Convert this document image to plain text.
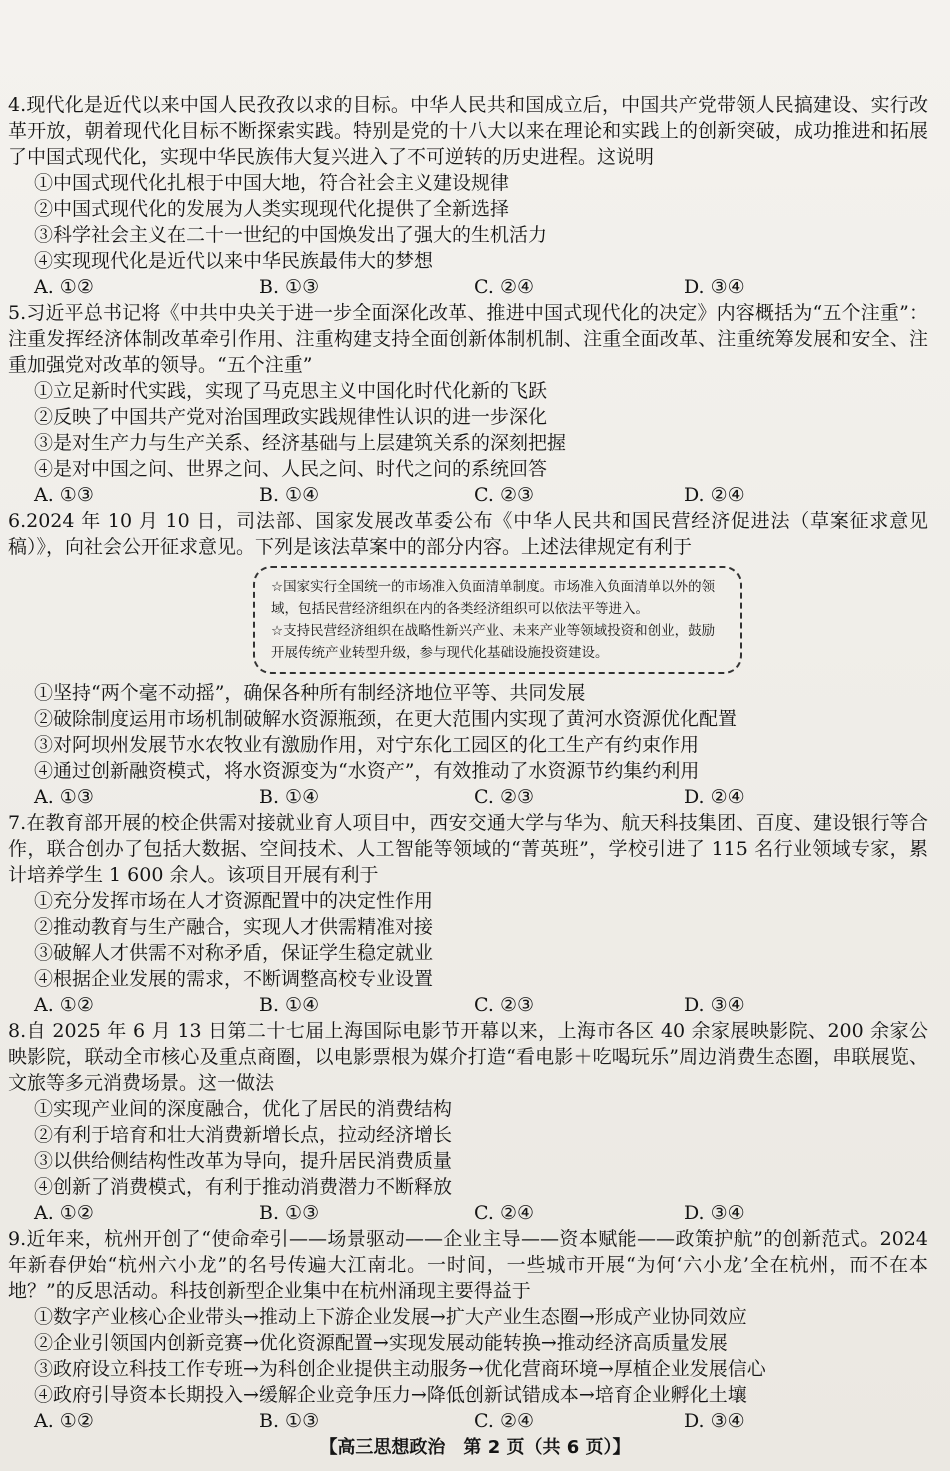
4.现代化是近代以来中国人民孜孜以求的目标。中华人民共和国成立后，中国共产党带领人民搞建设、实行改革开放，朝着现代化目标不断探索实践。特别是党的十八大以来在理论和实践上的创新突破，成功推进和拓展了中国式现代化，实现中华民族伟大复兴进入了不可逆转的历史进程。这说明
①中国式现代化扎根于中国大地，符合社会主义建设规律
②中国式现代化的发展为人类实现现代化提供了全新选择
③科学社会主义在二十一世纪的中国焕发出了强大的生机活力
④实现现代化是近代以来中华民族最伟大的梦想
A. ①②	B. ①③	C. ②④	D. ③④
5.习近平总书记将《中共中央关于进一步全面深化改革、推进中国式现代化的决定》内容概括为“五个注重”：注重发挥经济体制改革牵引作用、注重构建支持全面创新体制机制、注重全面改革、注重统筹发展和安全、注重加强党对改革的领导。“五个注重”
①立足新时代实践，实现了马克思主义中国化时代化新的飞跃
②反映了中国共产党对治国理政实践规律性认识的进一步深化
③是对生产力与生产关系、经济基础与上层建筑关系的深刻把握
④是对中国之问、世界之问、人民之问、时代之问的系统回答
A. ①③	B. ①④	C. ②③	D. ②④
6.2024 年 10 月 10 日，司法部、国家发展改革委公布《中华人民共和国民营经济促进法（草案征求意见稿）》，向社会公开征求意见。下列是该法草案中的部分内容。上述法律规定有利于
☆国家实行全国统一的市场准入负面清单制度。市场准入负面清单以外的领域，包括民营经济组织在内的各类经济组织可以依法平等进入。
☆支持民营经济组织在战略性新兴产业、未来产业等领域投资和创业，鼓励开展传统产业转型升级，参与现代化基础设施投资建设。
①坚持“两个毫不动摇”，确保各种所有制经济地位平等、共同发展
②破除制度运用市场机制破解水资源瓶颈，在更大范围内实现了黄河水资源优化配置
③对阿坝州发展节水农牧业有激励作用，对宁东化工园区的化工生产有约束作用
④通过创新融资模式，将水资源变为“水资产”，有效推动了水资源节约集约利用
A. ①③	B. ①④	C. ②③	D. ②④
7.在教育部开展的校企供需对接就业育人项目中，西安交通大学与华为、航天科技集团、百度、建设银行等合作，联合创办了包括大数据、空间技术、人工智能等领域的“菁英班”，学校引进了 115 名行业领域专家，累计培养学生 1 600 余人。该项目开展有利于
①充分发挥市场在人才资源配置中的决定性作用
②推动教育与生产融合，实现人才供需精准对接
③破解人才供需不对称矛盾，保证学生稳定就业
④根据企业发展的需求，不断调整高校专业设置
A. ①②	B. ①④	C. ②③	D. ③④
8.自 2025 年 6 月 13 日第二十七届上海国际电影节开幕以来，上海市各区 40 余家展映影院、200 余家公映影院，联动全市核心及重点商圈，以电影票根为媒介打造“看电影＋吃喝玩乐”周边消费生态圈，串联展览、文旅等多元消费场景。这一做法
①实现产业间的深度融合，优化了居民的消费结构
②有利于培育和壮大消费新增长点，拉动经济增长
③以供给侧结构性改革为导向，提升居民消费质量
④创新了消费模式，有利于推动消费潜力不断释放
A. ①②	B. ①③	C. ②④	D. ③④
9.近年来，杭州开创了“使命牵引——场景驱动——企业主导——资本赋能——政策护航”的创新范式。2024 年新春伊始“杭州六小龙”的名号传遍大江南北。一时间，一些城市开展“为何‘六小龙’全在杭州，而不在本地？”的反思活动。科技创新型企业集中在杭州涌现主要得益于
①数字产业核心企业带头→推动上下游企业发展→扩大产业生态圈→形成产业协同效应
②企业引领国内创新竞赛→优化资源配置→实现发展动能转换→推动经济高质量发展
③政府设立科技工作专班→为科创企业提供主动服务→优化营商环境→厚植企业发展信心
④政府引导资本长期投入→缓解企业竞争压力→降低创新试错成本→培育企业孵化土壤
A. ①②	B. ①③	C. ②④	D. ③④
【高三思想政治　第 2 页（共 6 页）】
